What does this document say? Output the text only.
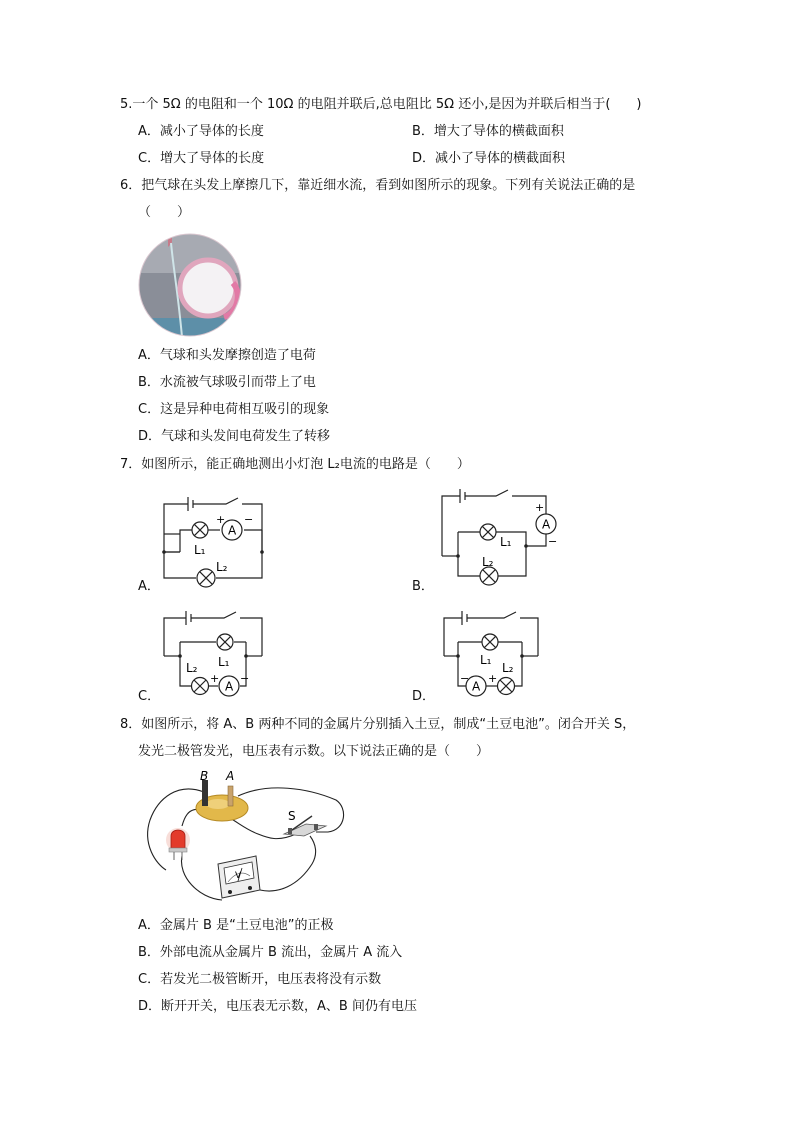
5.一个 5Ω 的电阻和一个 10Ω 的电阻并联后,总电阻比 5Ω 还小,是因为并联后相当于(　　)
A．减小了导体的长度	B．增大了导体的横截面积
C．增大了导体的长度	D．减小了导体的横截面积
6．把气球在头发上摩擦几下，靠近细水流，看到如图所示的现象。下列有关说法正确的是
（　　）
A．气球和头发摩擦创造了电荷
B．水流被气球吸引而带上了电
C．这是异种电荷相互吸引的现象
D．气球和头发间电荷发生了转移
7．如图所示，能正确地测出小灯泡 L₂电流的电路是（　　）
A
+ −
L₁
L₂
A．
A
+
−
L₁
L₂
B．
A
+ −
L₁
L₂
C．
A
− +
L₁
L₂
D．
8．如图所示，将 A、B 两种不同的金属片分别插入土豆，制成“土豆电池”。闭合开关 S，
发光二极管发光，电压表有示数。以下说法正确的是（　　）
B A
S
V
A．金属片 B 是“土豆电池”的正极
B．外部电流从金属片 B 流出，金属片 A 流入
C．若发光二极管断开，电压表将没有示数
D．断开开关，电压表无示数，A、B 间仍有电压
